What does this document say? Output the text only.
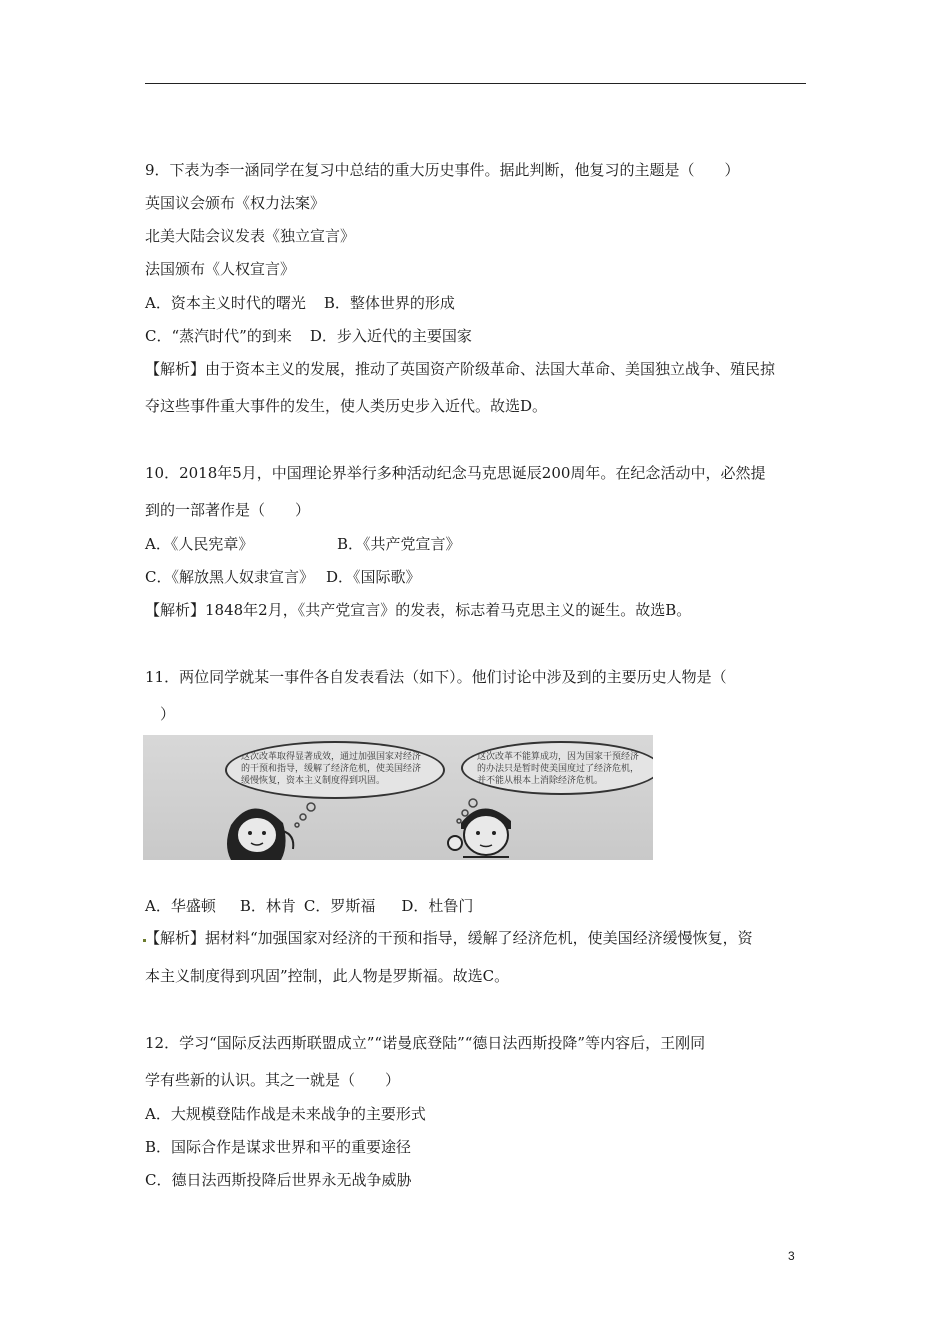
9．下表为李一涵同学在复习中总结的重大历史事件。据此判断，他复习的主题是（　　）
英国议会颁布《权力法案》
北美大陆会议发表《独立宣言》
法国颁布《人权宣言》
A．资本主义时代的曙光 B．整体世界的形成
C．“蒸汽时代”的到来 D．步入近代的主要国家
【解析】由于资本主义的发展，推动了英国资产阶级革命、法国大革命、美国独立战争、殖民掠
夺这些事件重大事件的发生，使人类历史步入近代。故选D。
10．2018年5月，中国理论界举行多种活动纪念马克思诞辰200周年。在纪念活动中，必然提
到的一部著作是（　　）
A．《人民宪章》	B．《共产党宣言》
C．《解放黑人奴隶宣言》 D．《国际歌》
【解析】1848年2月，《共产党宣言》的发表，标志着马克思主义的诞生。故选B。
11．两位同学就某一事件各自发表看法（如下）。他们讨论中涉及到的主要历史人物是（
　）
这次改革取得显著成效，通过加强国家对经济的干预和指导，缓解了经济危机，使美国经济缓慢恢复，资本主义制度得到巩固。
这次改革不能算成功，因为国家干预经济的办法只是暂时使美国度过了经济危机，并不能从根本上消除经济危机。
A．华盛顿 B．林肯 C．罗斯福 D．杜鲁门
【解析】据材料“加强国家对经济的干预和指导，缓解了经济危机，使美国经济缓慢恢复，资
本主义制度得到巩固”控制，此人物是罗斯福。故选C。
12．学习“国际反法西斯联盟成立”“诺曼底登陆”“德日法西斯投降”等内容后，王刚同
学有些新的认识。其之一就是（　　）
A．大规模登陆作战是未来战争的主要形式
B．国际合作是谋求世界和平的重要途径
C．德日法西斯投降后世界永无战争威胁
3
